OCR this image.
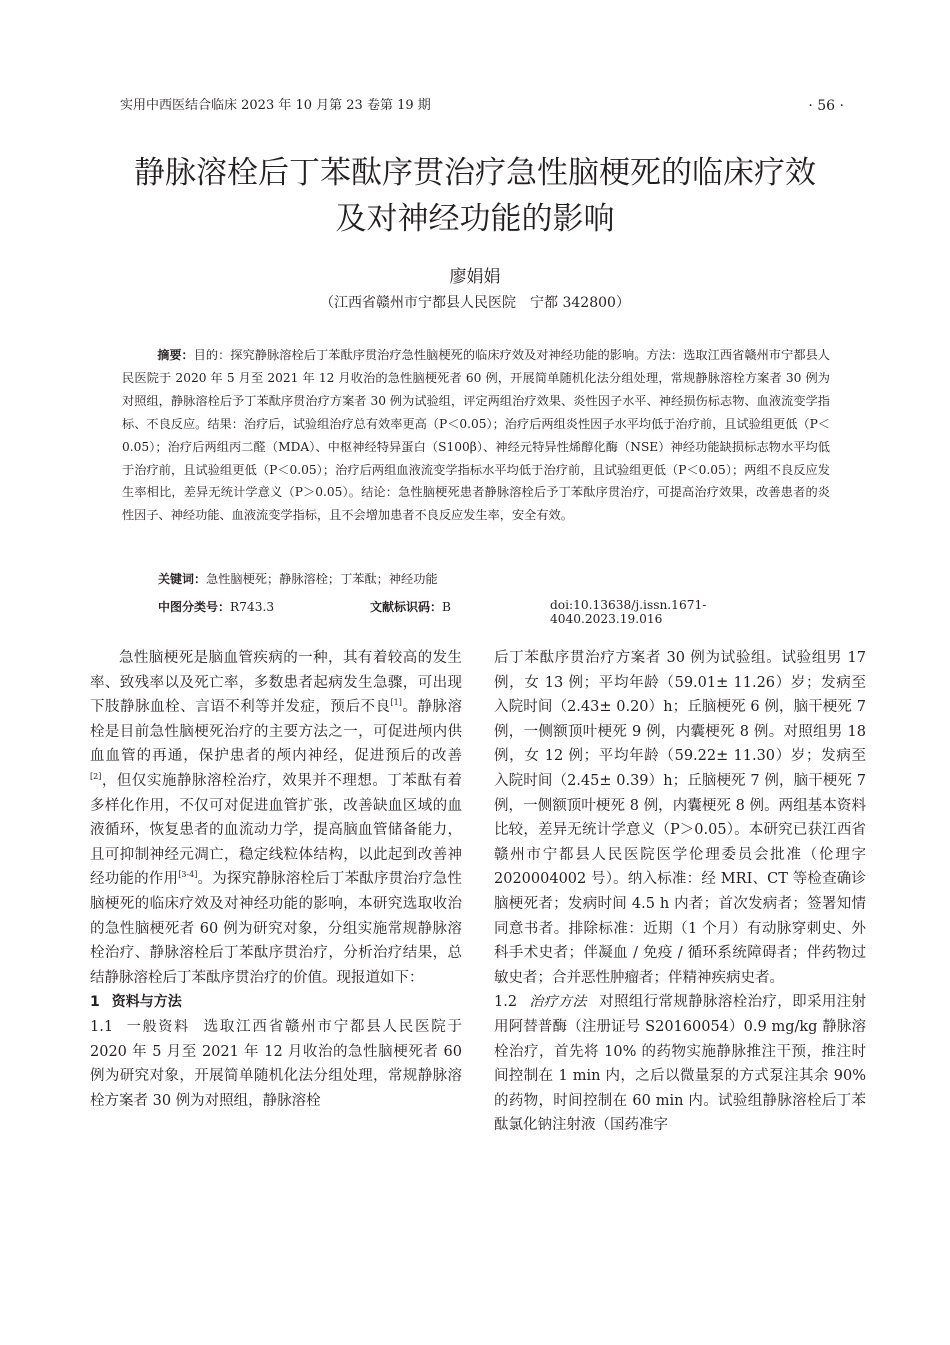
实用中西医结合临床 2023 年 10 月第 23 卷第 19 期	· 56 ·
静脉溶栓后丁苯酞序贯治疗急性脑梗死的临床疗效
及对神经功能的影响
廖娟娟
（江西省赣州市宁都县人民医院　宁都 342800）
摘要：目的：探究静脉溶栓后丁苯酞序贯治疗急性脑梗死的临床疗效及对神经功能的影响。方法：选取江西省赣州市宁都县人民医院于 2020 年 5 月至 2021 年 12 月收治的急性脑梗死者 60 例，开展简单随机化法分组处理，常规静脉溶栓方案者 30 例为对照组，静脉溶栓后予丁苯酞序贯治疗方案者 30 例为试验组，评定两组治疗效果、炎性因子水平、神经损伤标志物、血液流变学指标、不良反应。结果：治疗后，试验组治疗总有效率更高（P＜0.05）；治疗后两组炎性因子水平均低于治疗前，且试验组更低（P＜0.05）；治疗后两组丙二醛（MDA）、中枢神经特异蛋白（S100β）、神经元特异性烯醇化酶（NSE）神经功能缺损标志物水平均低于治疗前，且试验组更低（P＜0.05）；治疗后两组血液流变学指标水平均低于治疗前，且试验组更低（P＜0.05）；两组不良反应发生率相比，差异无统计学意义（P＞0.05）。结论：急性脑梗死患者静脉溶栓后予丁苯酞序贯治疗，可提高治疗效果，改善患者的炎性因子、神经功能、血液流变学指标，且不会增加患者不良反应发生率，安全有效。
关键词：急性脑梗死；静脉溶栓；丁苯酞；神经功能
中图分类号：R743.3	文献标识码：B	doi:10.13638/j.issn.1671-4040.2023.19.016

急性脑梗死是脑血管疾病的一种，其有着较高的发生率、致残率以及死亡率，多数患者起病发生急骤，可出现下肢静脉血栓、言语不利等并发症，预后不良[1]。静脉溶栓是目前急性脑梗死治疗的主要方法之一，可促进颅内供血血管的再通，保护患者的颅内神经，促进预后的改善[2]，但仅实施静脉溶栓治疗，效果并不理想。丁苯酞有着多样化作用，不仅可对促进血管扩张，改善缺血区域的血液循环，恢复患者的血流动力学，提高脑血管储备能力，且可抑制神经元凋亡，稳定线粒体结构，以此起到改善神经功能的作用[3-4]。为探究静脉溶栓后丁苯酞序贯治疗急性脑梗死的临床疗效及对神经功能的影响，本研究选取收治的急性脑梗死者 60 例为研究对象，分组实施常规静脉溶栓治疗、静脉溶栓后丁苯酞序贯治疗，分析治疗结果，总结静脉溶栓后丁苯酞序贯治疗的价值。现报道如下：

1 资料与方法

1.1 一般资料 选取江西省赣州市宁都县人民医院于 2020 年 5 月至 2021 年 12 月收治的急性脑梗死者 60 例为研究对象，开展简单随机化法分组处理，常规静脉溶栓方案者 30 例为对照组，静脉溶栓

后丁苯酞序贯治疗方案者 30 例为试验组。试验组男 17 例，女 13 例；平均年龄（59.01± 11.26）岁；发病至入院时间（2.43± 0.20）h；丘脑梗死 6 例，脑干梗死 7 例，一侧额顶叶梗死 9 例，内囊梗死 8 例。对照组男 18 例，女 12 例；平均年龄（59.22± 11.30）岁；发病至入院时间（2.45± 0.39）h；丘脑梗死 7 例，脑干梗死 7 例，一侧额顶叶梗死 8 例，内囊梗死 8 例。两组基本资料比较，差异无统计学意义（P＞0.05）。本研究已获江西省赣州市宁都县人民医院医学伦理委员会批准（伦理字 2020004002 号）。纳入标准：经 MRI、CT 等检查确诊脑梗死者；发病时间 4.5 h 内者；首次发病者；签署知情同意书者。排除标准：近期（1 个月）有动脉穿刺史、外科手术史者；伴凝血 / 免疫 / 循环系统障碍者；伴药物过敏史者；合并恶性肿瘤者；伴精神疾病史者。

1.2 治疗方法 对照组行常规静脉溶栓治疗，即采用注射用阿替普酶（注册证号 S20160054）0.9 mg/kg 静脉溶栓治疗，首先将 10% 的药物实施静脉推注干预，推注时间控制在 1 min 内，之后以微量泵的方式泵注其余 90% 的药物，时间控制在 60 min 内。试验组静脉溶栓后丁苯酞氯化钠注射液（国药准字
